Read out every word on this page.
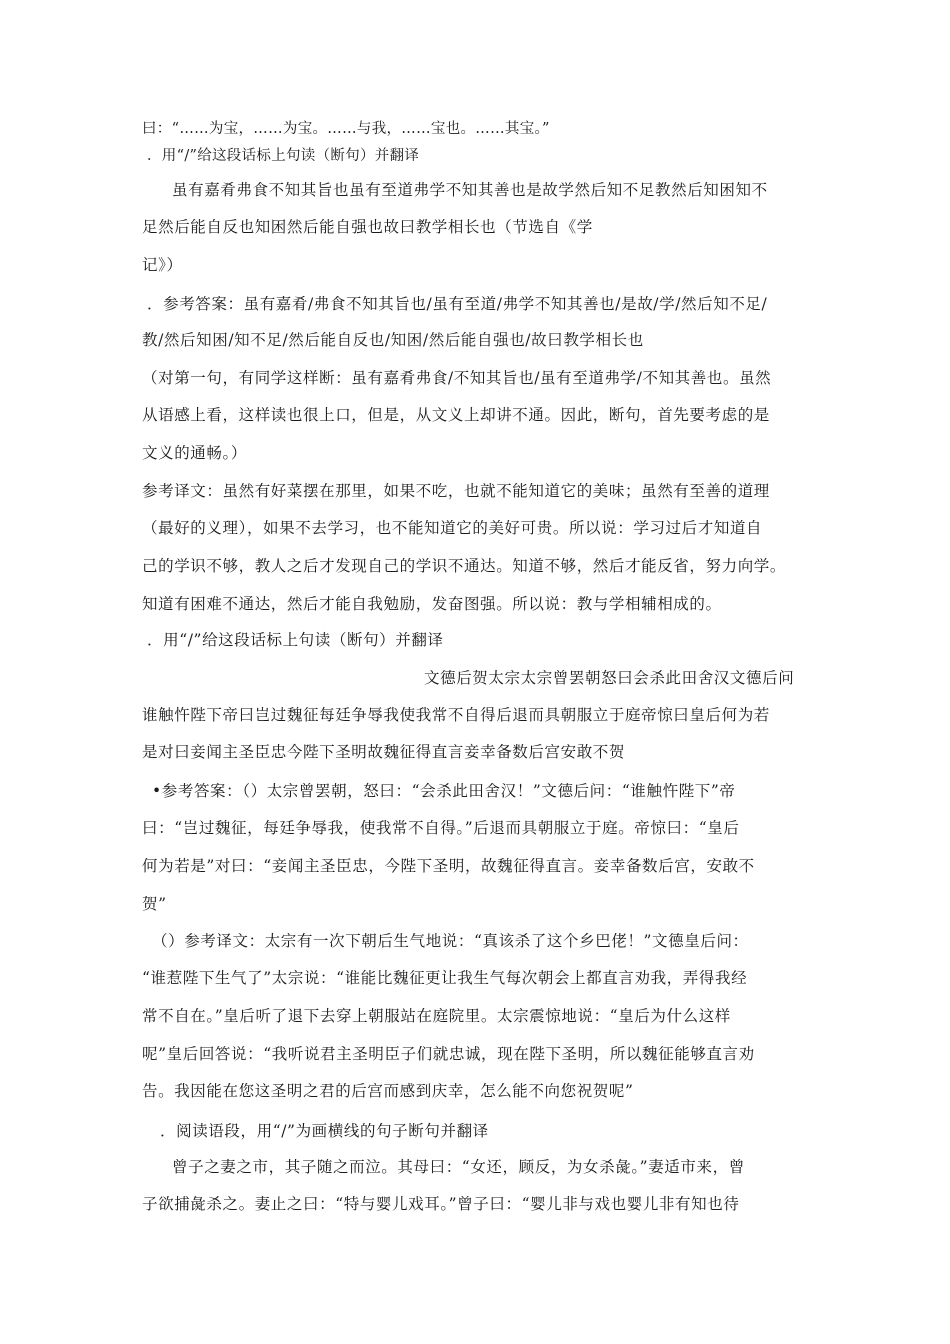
曰：“……为宝，……为宝。……与我，……宝也。……其宝。”
．用“/”给这段话标上句读（断句）并翻译
虽有嘉肴弗食不知其旨也虽有至道弗学不知其善也是故学然后知不足教然后知困知不
足然后能自反也知困然后能自强也故曰教学相长也（节选自《学
记》）
．参考答案：虽有嘉肴/弗食不知其旨也/虽有至道/弗学不知其善也/是故/学/然后知不足/
教/然后知困/知不足/然后能自反也/知困/然后能自强也/故曰教学相长也
（对第一句，有同学这样断：虽有嘉肴弗食/不知其旨也/虽有至道弗学/不知其善也。虽然
从语感上看，这样读也很上口，但是，从文义上却讲不通。因此，断句，首先要考虑的是
文义的通畅。）
参考译文：虽然有好菜摆在那里，如果不吃，也就不能知道它的美味；虽然有至善的道理
（最好的义理），如果不去学习，也不能知道它的美好可贵。所以说：学习过后才知道自
己的学识不够，教人之后才发现自己的学识不通达。知道不够，然后才能反省，努力向学。
知道有困难不通达，然后才能自我勉励，发奋图强。所以说：教与学相辅相成的。
．用“/”给这段话标上句读（断句）并翻译
文德后贺太宗太宗曾罢朝怒曰会杀此田舍汉文德后问
谁触忤陛下帝曰岂过魏征每廷争辱我使我常不自得后退而具朝服立于庭帝惊曰皇后何为若
是对曰妾闻主圣臣忠今陛下圣明故魏征得直言妾幸备数后宫安敢不贺
•参考答案：（）太宗曾罢朝，怒曰：“会杀此田舍汉！”文德后问：“谁触忤陛下”帝
曰：“岂过魏征，每廷争辱我，使我常不自得。”后退而具朝服立于庭。帝惊曰：“皇后
何为若是”对曰：“妾闻主圣臣忠，今陛下圣明，故魏征得直言。妾幸备数后宫，安敢不
贺”
（）参考译文：太宗有一次下朝后生气地说：“真该杀了这个乡巴佬！”文德皇后问：
“谁惹陛下生气了”太宗说：“谁能比魏征更让我生气每次朝会上都直言劝我，弄得我经
常不自在。”皇后听了退下去穿上朝服站在庭院里。太宗震惊地说：“皇后为什么这样
呢”皇后回答说：“我听说君主圣明臣子们就忠诚，现在陛下圣明，所以魏征能够直言劝
告。我因能在您这圣明之君的后宫而感到庆幸，怎么能不向您祝贺呢”
．阅读语段，用“/”为画横线的句子断句并翻译
曾子之妻之市，其子随之而泣。其母曰：“女还，顾反，为女杀彘。”妻适市来，曾
子欲捕彘杀之。妻止之曰：“特与婴儿戏耳。”曾子曰：“婴儿非与戏也婴儿非有知也待
